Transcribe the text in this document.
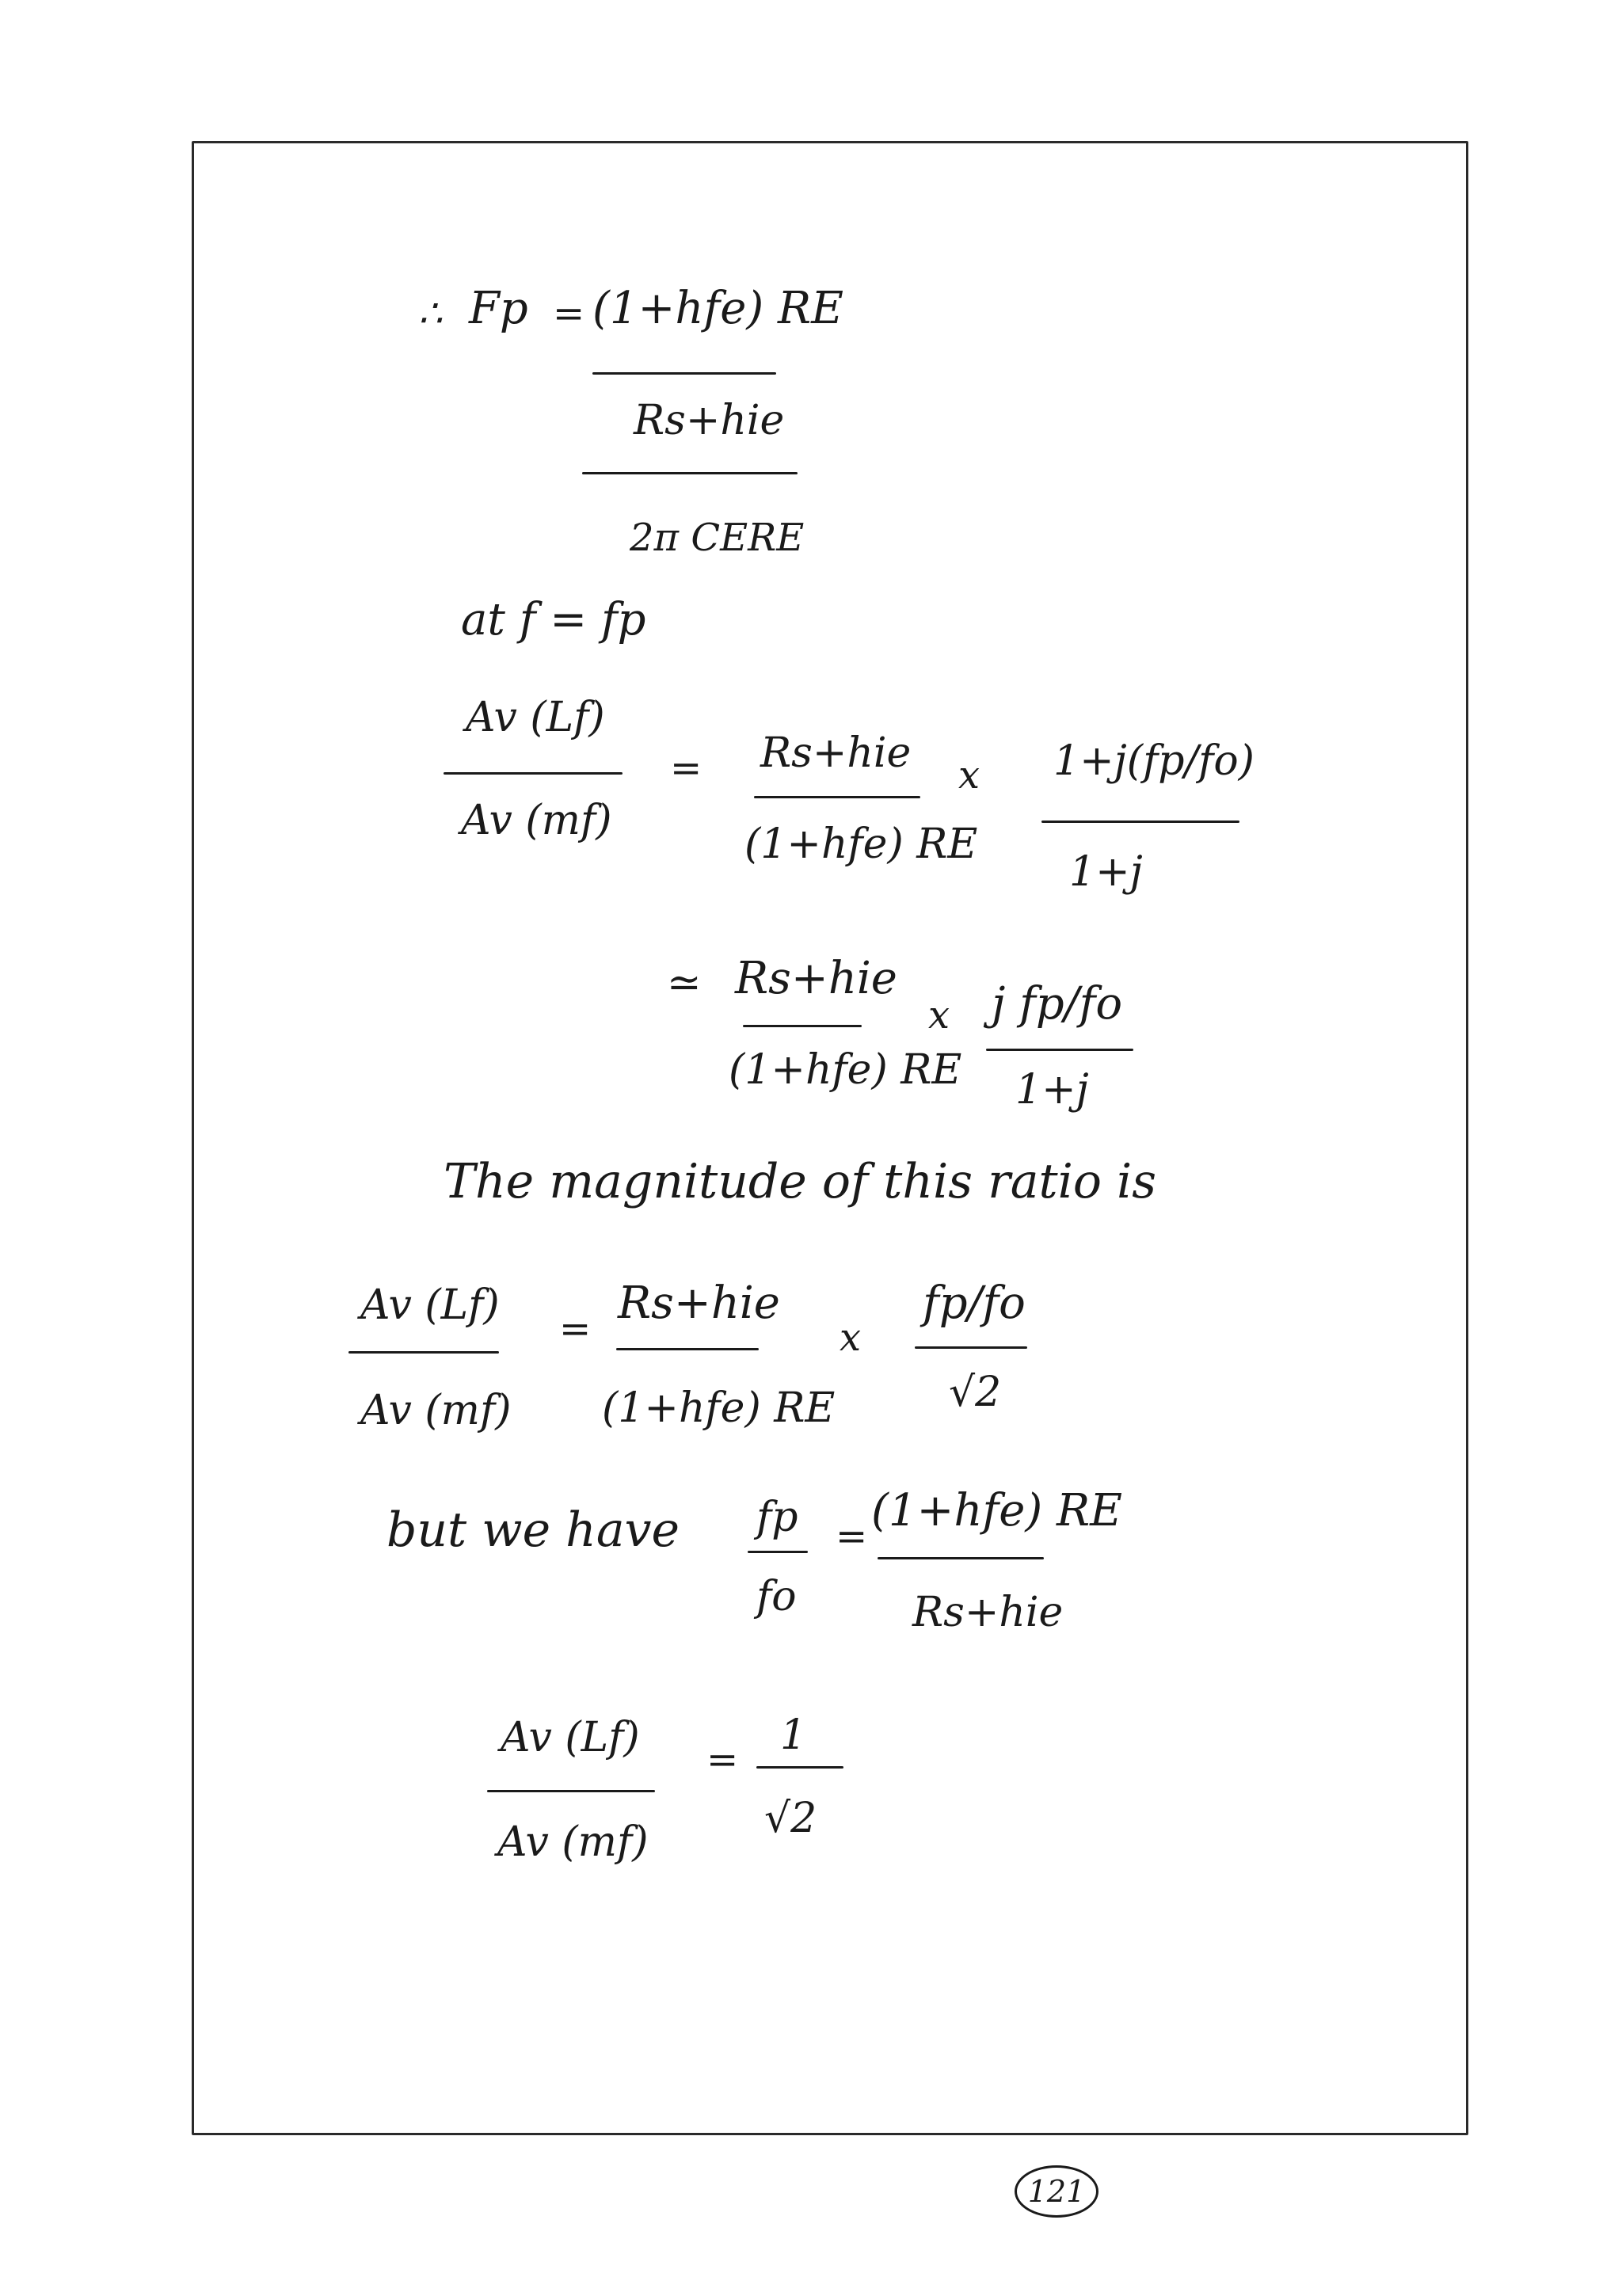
∴ Fp = (1+hfe) RE
Rs+hie
2π CERE
at f = fp
Av (Lf)
Av (mf)
= Rs+hie
(1+hfe) RE
x 1+j(fp/fo)
1+j
≃ Rs+hie
(1+hfe) RE
x j fp/fo
1+j
The magnitude of this ratio is
Av (Lf)
Av (mf)
= Rs+hie
(1+hfe) RE
x
fp/fo
√2
but we have fp
fo
= (1+hfe) RE
Rs+hie
Av (Lf)
Av (mf)
=
1
√2
121
